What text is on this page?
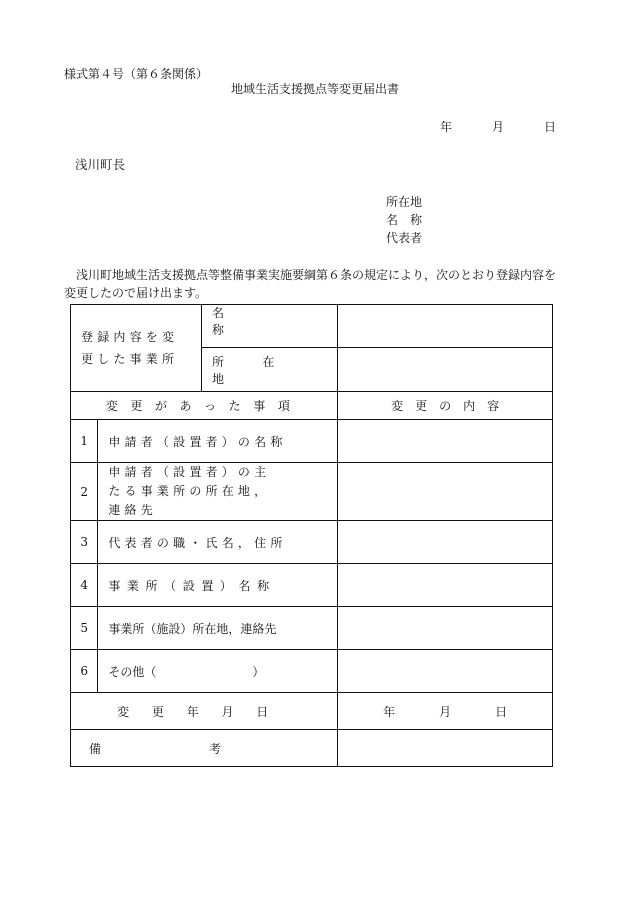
様式第４号（第６条関係）
地域生活支援拠点等変更届出書
年	月	日
浅川町長
所在地
名　称
代表者
浅川町地域生活支援拠点等整備事業実施要綱第６条の規定により，次のとおり登録内容を変更したので届け出ます。
登録内容を変更した事業所		名　称	

		所　在　地	
変更があった事項			変　更　の　内　容
1	申請者（設置者）の名称		
2	申請者（設置者）の主たる事業所の所在地，連絡先		

3	代表者の職・氏名，住所		
4	事業所（設置）名称		
5	事業所（施設）所在地，連絡先		
6	その他（　　　　　　　　）		
変更年月日			年 月 日

備　　　　　　　　　考			
